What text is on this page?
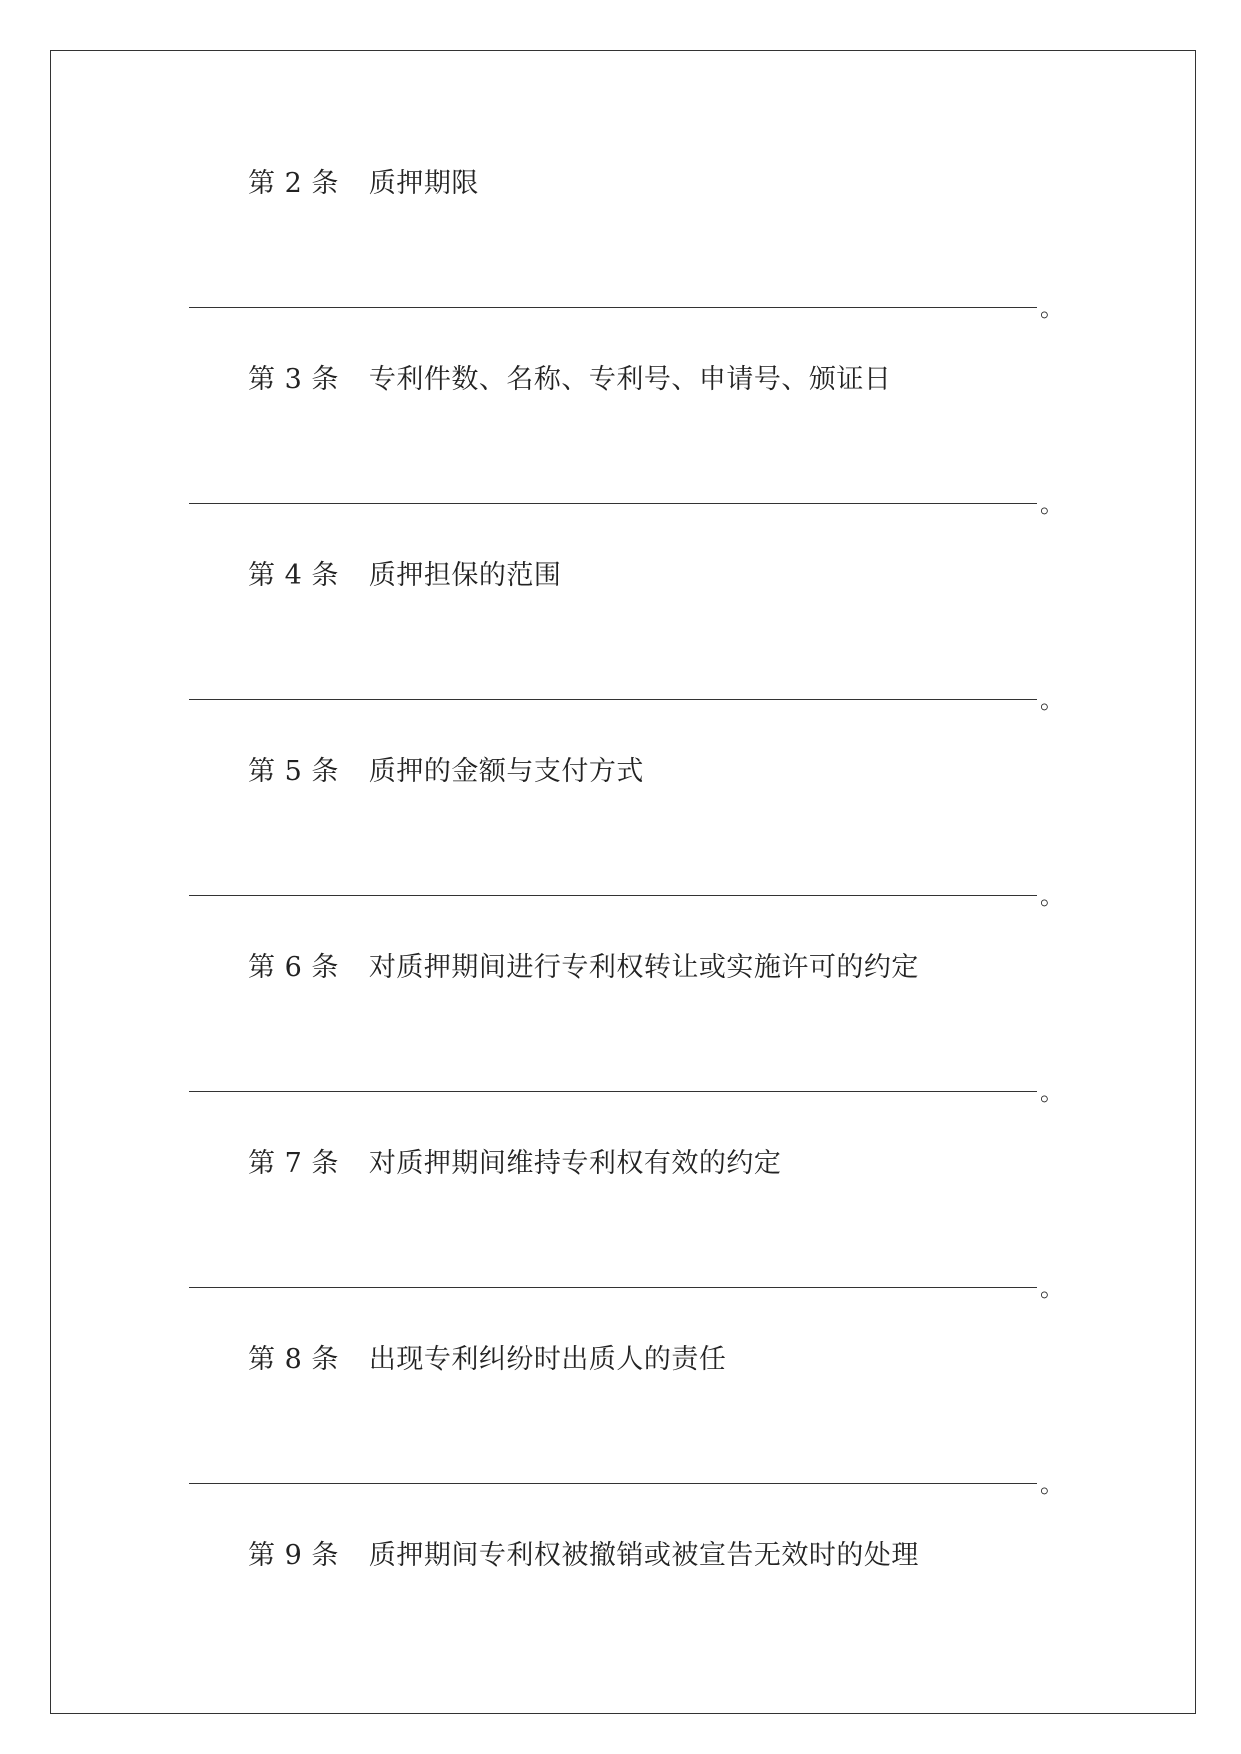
第 2 条 质押期限
。
第 3 条 专利件数、名称、专利号、申请号、颁证日
。
第 4 条 质押担保的范围
。
第 5 条 质押的金额与支付方式
。
第 6 条 对质押期间进行专利权转让或实施许可的约定
。
第 7 条 对质押期间维持专利权有效的约定
。
第 8 条 出现专利纠纷时出质人的责任
。
第 9 条 质押期间专利权被撤销或被宣告无效时的处理
